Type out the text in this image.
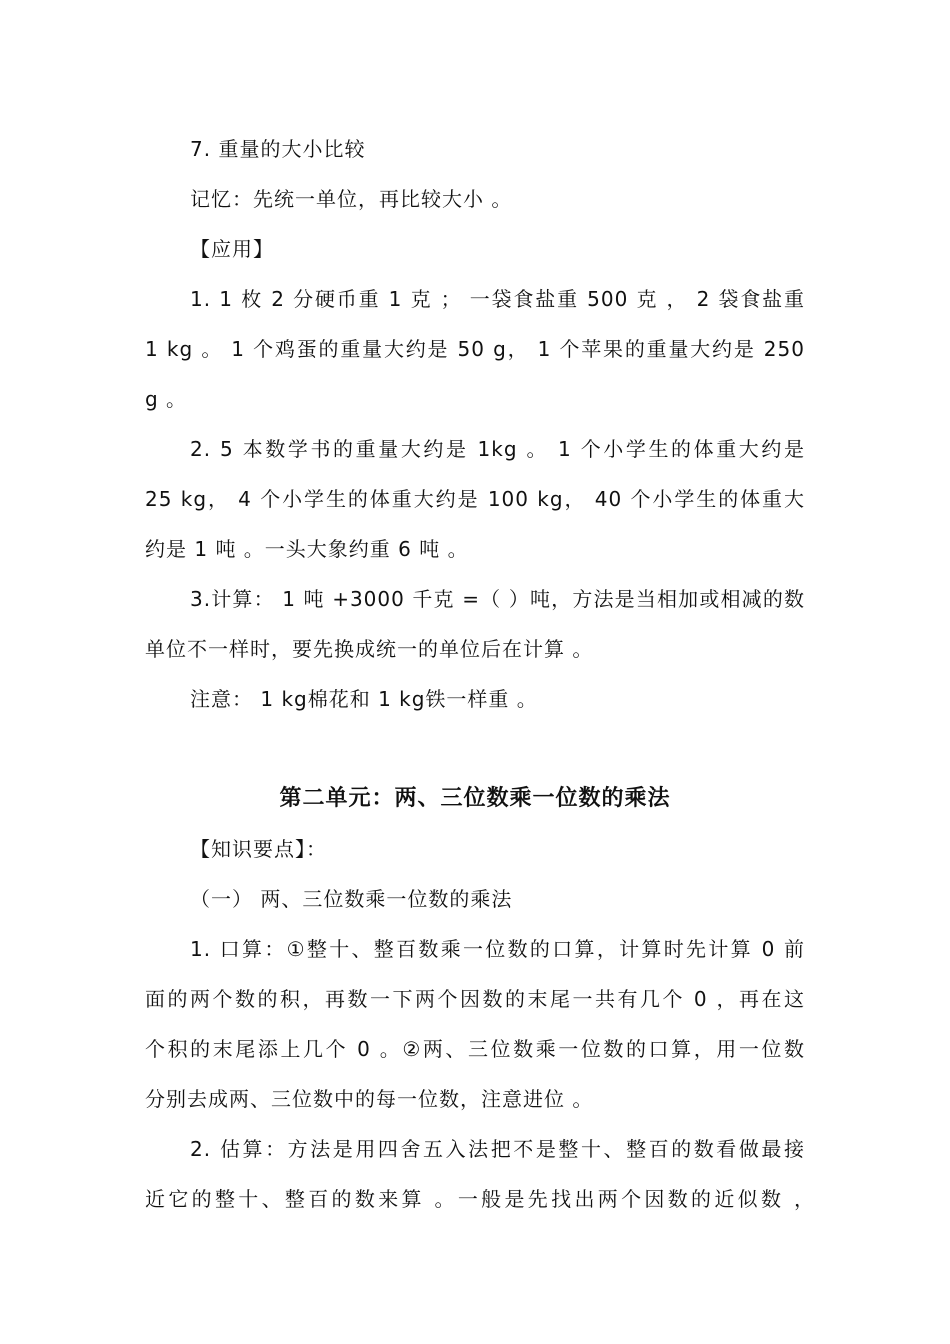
7. 重量的大小比较
记忆：先统一单位，再比较大小 。
【应用】
1. 1 枚 2 分硬币重 1 克 ； 一袋食盐重 500 克 ， 2 袋食盐重
1 kg 。 1 个鸡蛋的重量大约是 50 g， 1 个苹果的重量大约是 250
g 。
2. 5 本数学书的重量大约是 1kg 。 1 个小学生的体重大约是
25 kg， 4 个小学生的体重大约是 100 kg， 40 个小学生的体重大
约是 1 吨 。一头大象约重 6 吨 。
3.计算： 1 吨 +3000 千克 =（ ）吨，方法是当相加或相减的数
单位不一样时，要先换成统一的单位后在计算 。
注意： 1 kg棉花和 1 kg铁一样重 。
第二单元：两、三位数乘一位数的乘法
【知识要点】：
（一） 两、三位数乘一位数的乘法
1. 口算：①整十、整百数乘一位数的口算，计算时先计算 0 前
面的两个数的积，再数一下两个因数的末尾一共有几个 0 ，再在这
个积的末尾添上几个 0 。②两、三位数乘一位数的口算，用一位数
分别去成两、三位数中的每一位数，注意进位 。
2. 估算：方法是用四舍五入法把不是整十、整百的数看做最接
近它的整十、整百的数来算 。一般是先找出两个因数的近似数 ，
